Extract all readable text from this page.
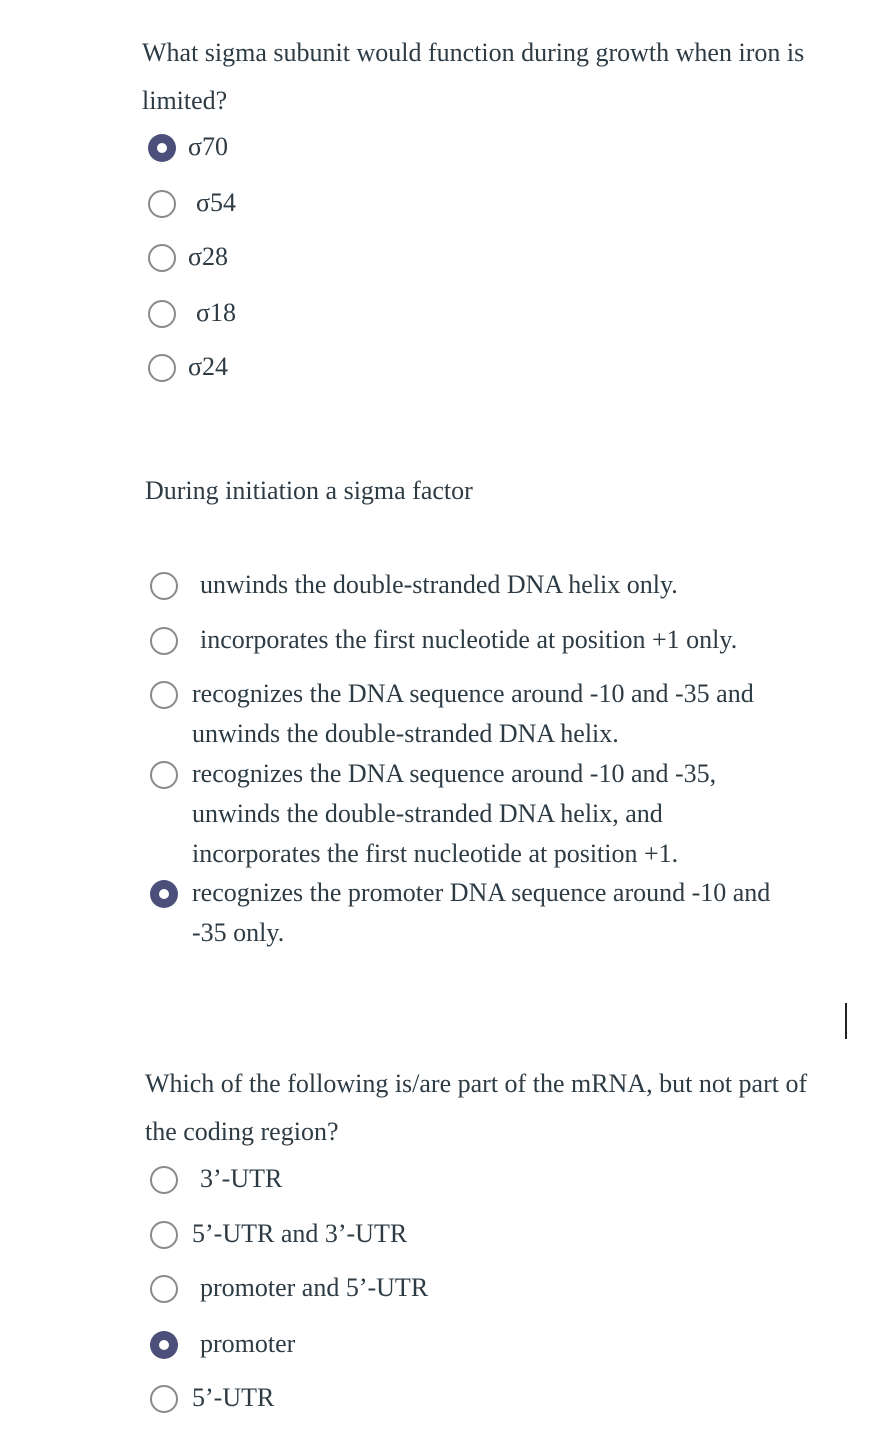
What sigma subunit would function during growth when iron is limited?

σ70
σ54
σ28
σ18
σ24

During initiation a sigma factor

unwinds the double-stranded DNA helix only.
incorporates the first nucleotide at position +1 only.
recognizes the DNA sequence around -10 and -35 and unwinds the double-stranded DNA helix.
recognizes the DNA sequence around -10 and -35, unwinds the double-stranded DNA helix, and incorporates the first nucleotide at position +1.
recognizes the promoter DNA sequence around -10 and -35 only.

Which of the following is/are part of the mRNA, but not part of the coding region?

3’-UTR
5’-UTR and 3’-UTR
promoter and 5’-UTR
promoter
5’-UTR
